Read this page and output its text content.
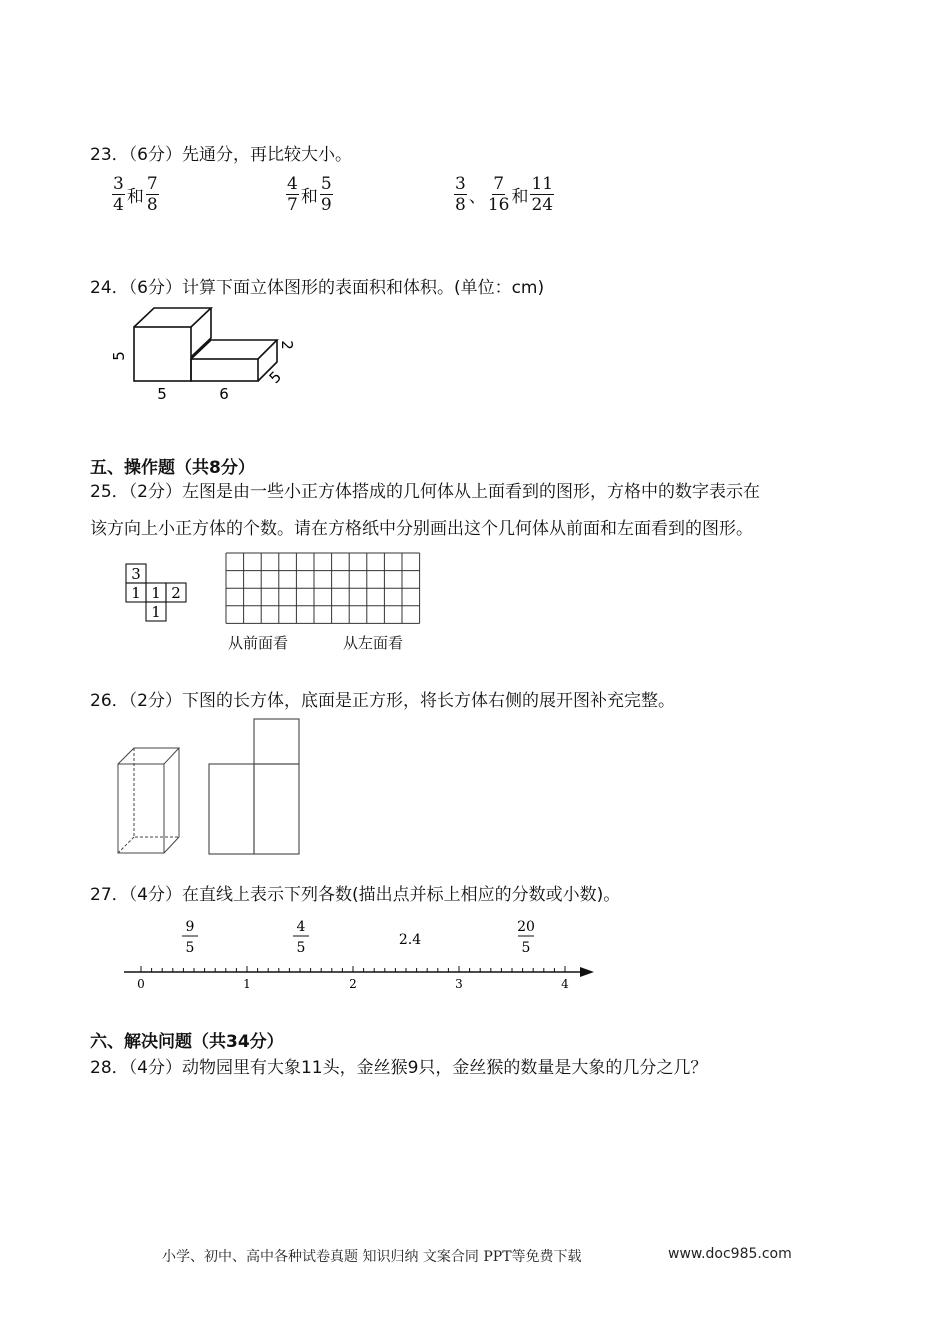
23．（6分）先通分，再比较大小。
$\frac{3}{4}$ 和 $\frac{7}{8}$	$\frac{4}{7}$ 和 $\frac{5}{9}$	$\frac{3}{8}$ 、 $\frac{7}{16}$ 和 $\frac{11}{24}$
24．（6分）计算下面立体图形的表面积和体积。(单位：cm)
5
5	6
2
5
五、操作题（共8分）
25．（2分）左图是由一些小正方体搭成的几何体从上面看到的图形，方格中的数字表示在
该方向上小正方体的个数。请在方格纸中分别画出这个几何体从前面和左面看到的图形。
3
1 1 2
1
从前面看	从左面看
26．（2分）下图的长方体，底面是正方形，将长方体右侧的展开图补充完整。
27．（4分）在直线上表示下列各数(描出点并标上相应的分数或小数)。
9
5
4
5	2.4
20
5
0	1	2	3	4
六、解决问题（共34分）
28．（4分）动物园里有大象11头，金丝猴9只，金丝猴的数量是大象的几分之几？
小学、初中、高中各种试卷真题 知识归纳 文案合同 PPT等免费下载	www.doc985.com
